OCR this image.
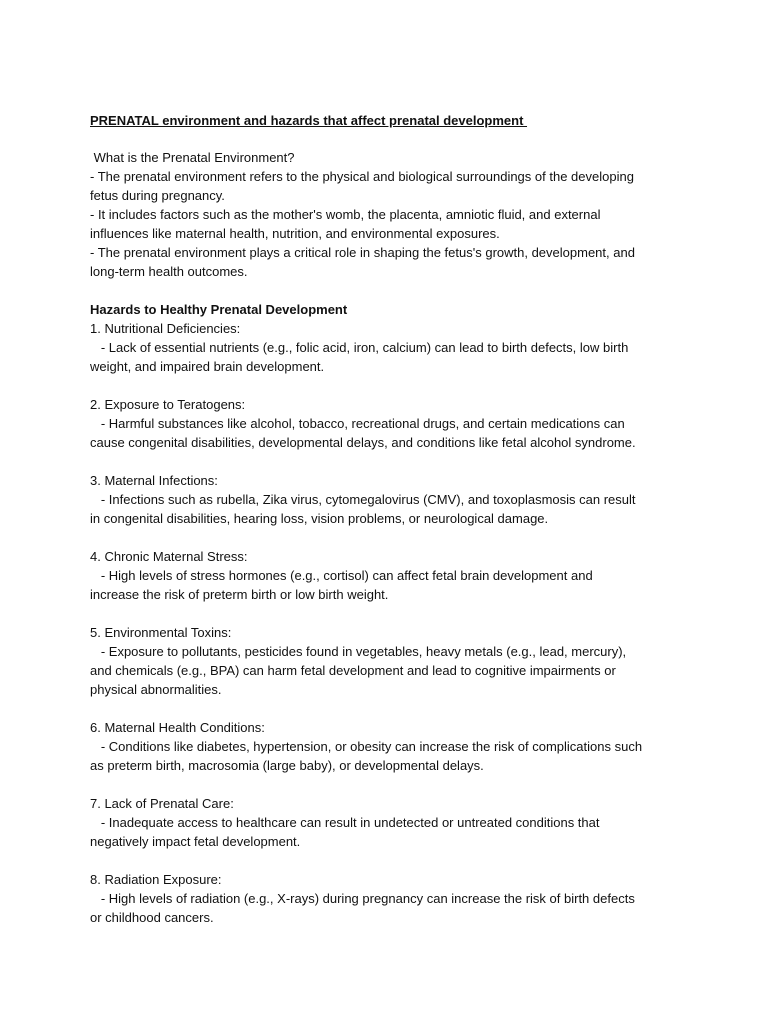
PRENATAL environment and hazards that affect prenatal development
What is the Prenatal Environment?
- The prenatal environment refers to the physical and biological surroundings of the developing
fetus during pregnancy.
- It includes factors such as the mother's womb, the placenta, amniotic fluid, and external
influences like maternal health, nutrition, and environmental exposures.
- The prenatal environment plays a critical role in shaping the fetus's growth, development, and
long-term health outcomes.
Hazards to Healthy Prenatal Development
1. Nutritional Deficiencies:
- Lack of essential nutrients (e.g., folic acid, iron, calcium) can lead to birth defects, low birth
weight, and impaired brain development.
2. Exposure to Teratogens:
- Harmful substances like alcohol, tobacco, recreational drugs, and certain medications can
cause congenital disabilities, developmental delays, and conditions like fetal alcohol syndrome.
3. Maternal Infections:
- Infections such as rubella, Zika virus, cytomegalovirus (CMV), and toxoplasmosis can result
in congenital disabilities, hearing loss, vision problems, or neurological damage.
4. Chronic Maternal Stress:
- High levels of stress hormones (e.g., cortisol) can affect fetal brain development and
increase the risk of preterm birth or low birth weight.
5. Environmental Toxins:
- Exposure to pollutants, pesticides found in vegetables, heavy metals (e.g., lead, mercury),
and chemicals (e.g., BPA) can harm fetal development and lead to cognitive impairments or
physical abnormalities.
6. Maternal Health Conditions:
- Conditions like diabetes, hypertension, or obesity can increase the risk of complications such
as preterm birth, macrosomia (large baby), or developmental delays.
7. Lack of Prenatal Care:
- Inadequate access to healthcare can result in undetected or untreated conditions that
negatively impact fetal development.
8. Radiation Exposure:
- High levels of radiation (e.g., X-rays) during pregnancy can increase the risk of birth defects
or childhood cancers.
